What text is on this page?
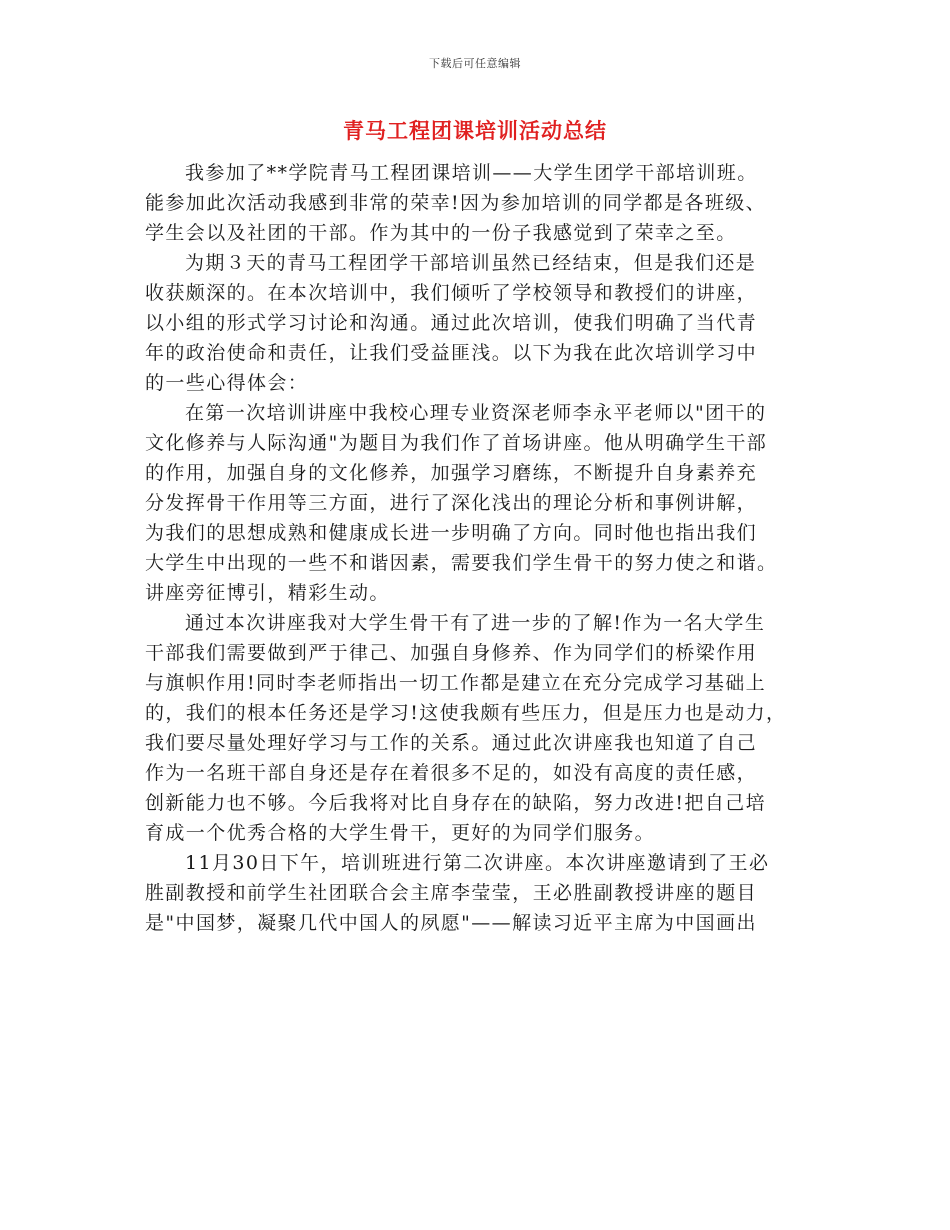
下载后可任意编辑
青马工程团课培训活动总结

我参加了**学院青马工程团课培训——大学生团学干部培训班。
能参加此次活动我感到非常的荣幸!因为参加培训的同学都是各班级、
学生会以及社团的干部。作为其中的一份子我感觉到了荣幸之至。

为期３天的青马工程团学干部培训虽然已经结束，但是我们还是
收获颇深的。在本次培训中，我们倾听了学校领导和教授们的讲座，
以小组的形式学习讨论和沟通。通过此次培训，使我们明确了当代青
年的政治使命和责任，让我们受益匪浅。以下为我在此次培训学习中
的一些心得体会：

在第一次培训讲座中我校心理专业资深老师李永平老师以"团干的
文化修养与人际沟通"为题目为我们作了首场讲座。他从明确学生干部
的作用，加强自身的文化修养，加强学习磨练，不断提升自身素养充
分发挥骨干作用等三方面，进行了深化浅出的理论分析和事例讲解，
为我们的思想成熟和健康成长进一步明确了方向。同时他也指出我们
大学生中出现的一些不和谐因素，需要我们学生骨干的努力使之和谐。
讲座旁征博引，精彩生动。

通过本次讲座我对大学生骨干有了进一步的了解!作为一名大学生
干部我们需要做到严于律己、加强自身修养、作为同学们的桥梁作用
与旗帜作用!同时李老师指出一切工作都是建立在充分完成学习基础上
的，我们的根本任务还是学习!这使我颇有些压力，但是压力也是动力，
我们要尽量处理好学习与工作的关系。通过此次讲座我也知道了自己
作为一名班干部自身还是存在着很多不足的，如没有高度的责任感，
创新能力也不够。今后我将对比自身存在的缺陷，努力改进!把自己培
育成一个优秀合格的大学生骨干，更好的为同学们服务。

11月30日下午，培训班进行第二次讲座。本次讲座邀请到了王必
胜副教授和前学生社团联合会主席李莹莹，王必胜副教授讲座的题目
是"中国梦，凝聚几代中国人的夙愿"——解读习近平主席为中国画出
